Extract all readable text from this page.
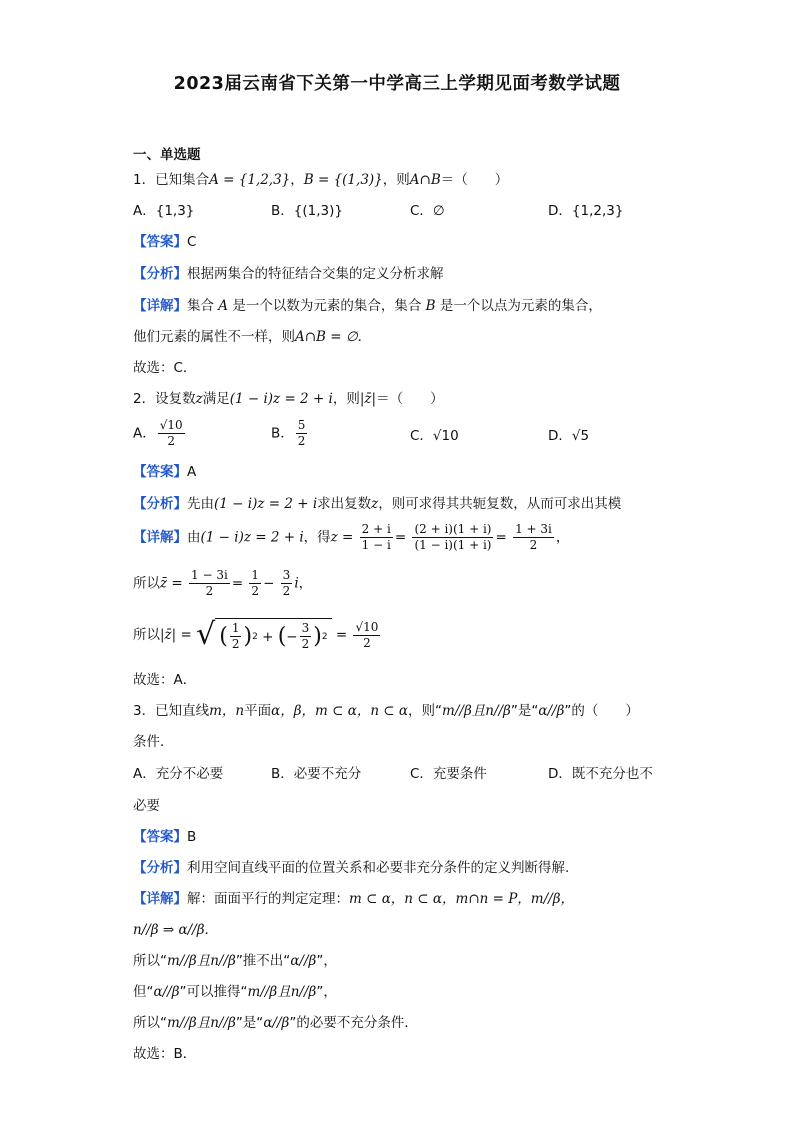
2023届云南省下关第一中学高三上学期见面考数学试题
一、单选题
1．已知集合A = {1,2,3}，B = {(1,3)}，则A∩B＝（　　）
A．{1,3}	B．{(1,3)}	C．∅	D．{1,2,3}
【答案】C
【分析】根据两集合的特征结合交集的定义分析求解
【详解】集合 A 是一个以数为元素的集合，集合 B 是一个以点为元素的集合，
他们元素的属性不一样，则A∩B = ∅．
故选：C．
2．设复数z满足(1 − i)z = 2 + i，则|z̄|＝（　　）
A． $\frac{√10}{2}$	B． $\frac{5}{2}$	C．√10	D．√5
【答案】A
【分析】先由(1 − i)z = 2 + i求出复数z，则可求得其共轭复数，从而可求出其模
【详解】由(1 − i)z = 2 + i，得$z = \frac{2 + i}{1 - i} = \frac{(2 + i)(1 + i)}{(1 - i)(1 + i)} = \frac{1 + 3i}{2}$ ，
所以z̄ = $\frac{1 - 3i}{2} = \frac{1}{2} - \frac{3}{2}$ i，
所以|z̄| = √ ( $\frac{1}{2}$ ) 2 + ( − $\frac{3}{2}$ ) $2 = \frac{√10}{2}$
故选：A．
3．已知直线m，n平面α，β，m ⊂ α，n ⊂ α，则“m//β且n//β”是“α//β”的（　　）
条件．
A．充分不必要	B．必要不充分	C．充要条件	D．既不充分也不
必要
【答案】B
【分析】利用空间直线平面的位置关系和必要非充分条件的定义判断得解.
【详解】解：面面平行的判定定理：m ⊂ α，n ⊂ α，m∩n = P，m//β，
n//β ⇒ α//β．
所以“m//β且n//β”推不出“α//β”，
但“α//β”可以推得“m//β且n//β”，
所以“m//β且n//β”是“α//β”的必要不充分条件．
故选：B．
